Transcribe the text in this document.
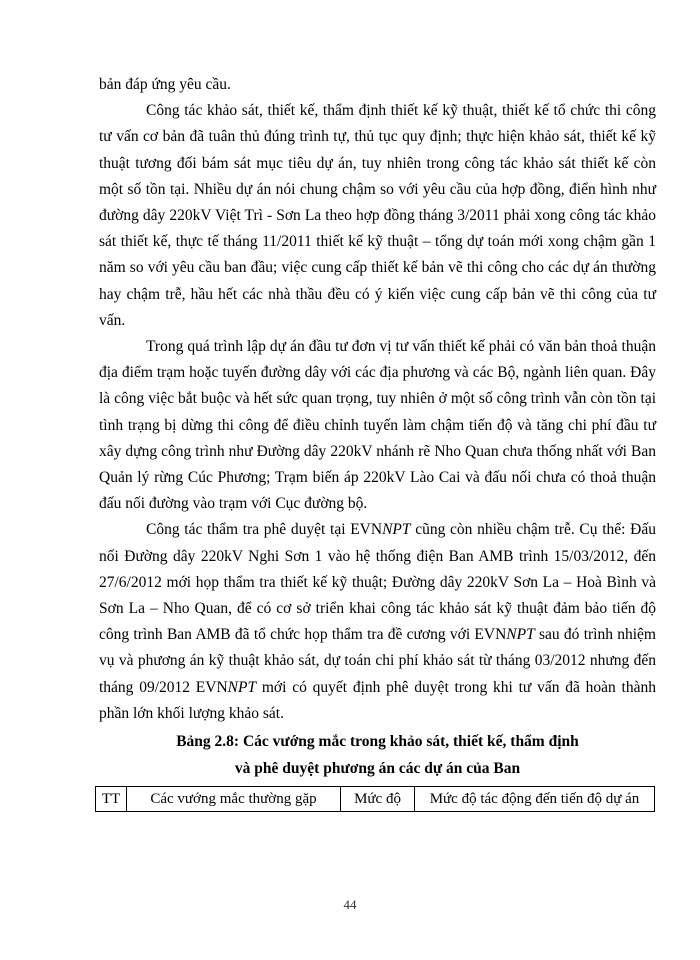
bản đáp ứng yêu cầu.

Công tác khảo sát, thiết kế, thẩm định thiết kế kỹ thuật, thiết kế tổ chức thi công tư vấn cơ bản đã tuân thủ đúng trình tự, thủ tục quy định; thực hiện khảo sát, thiết kế kỹ thuật tương đối bám sát mục tiêu dự án, tuy nhiên trong công tác khảo sát thiết kế còn một số tồn tại. Nhiều dự án nói chung chậm so với yêu cầu của hợp đồng, điển hình như đường dây 220kV Việt Trì - Sơn La theo hợp đồng tháng 3/2011 phải xong công tác khảo sát thiết kế, thực tế tháng 11/2011 thiết kế kỹ thuật – tổng dự toán mới xong chậm gần 1 năm so với yêu cầu ban đầu; việc cung cấp thiết kế bản vẽ thi công cho các dự án thường hay chậm trễ, hầu hết các nhà thầu đều có ý kiến việc cung cấp bản vẽ thi công của tư vấn.

Trong quá trình lập dự án đầu tư đơn vị tư vấn thiết kế phải có văn bản thoả thuận địa điểm trạm hoặc tuyến đường dây với các địa phương và các Bộ, ngành liên quan. Đây là công việc bắt buộc và hết sức quan trọng, tuy nhiên ở một số công trình vẫn còn tồn tại tình trạng bị dừng thi công để điều chỉnh tuyến làm chậm tiến độ và tăng chi phí đầu tư xây dựng công trình như Đường dây 220kV nhánh rẽ Nho Quan chưa thống nhất với Ban Quản lý rừng Cúc Phương; Trạm biến áp 220kV Lào Cai và đấu nối chưa có thoả thuận đấu nối đường vào trạm với Cục đường bộ.

Công tác thẩm tra phê duyệt tại EVNNPT cũng còn nhiều chậm trễ. Cụ thể: Đấu nối Đường dây 220kV Nghi Sơn 1 vào hệ thống điện Ban AMB trình 15/03/2012, đến 27/6/2012 mới họp thẩm tra thiết kế kỹ thuật; Đường dây 220kV Sơn La – Hoà Bình và Sơn La – Nho Quan, để có cơ sở triển khai công tác khảo sát kỹ thuật đảm bảo tiến độ công trình Ban AMB đã tổ chức họp thẩm tra đề cương với EVNNPT sau đó trình nhiệm vụ và phương án kỹ thuật khảo sát, dự toán chi phí khảo sát từ tháng 03/2012 nhưng đến tháng 09/2012 EVNNPT mới có quyết định phê duyệt trong khi tư vấn đã hoàn thành phần lớn khối lượng khảo sát.

Bảng 2.8: Các vướng mắc trong khảo sát, thiết kế, thẩm định
và phê duyệt phương án các dự án của Ban

TT	Các vướng mắc thường gặp	Mức độ	Mức độ tác động đến tiến độ dự án
44
